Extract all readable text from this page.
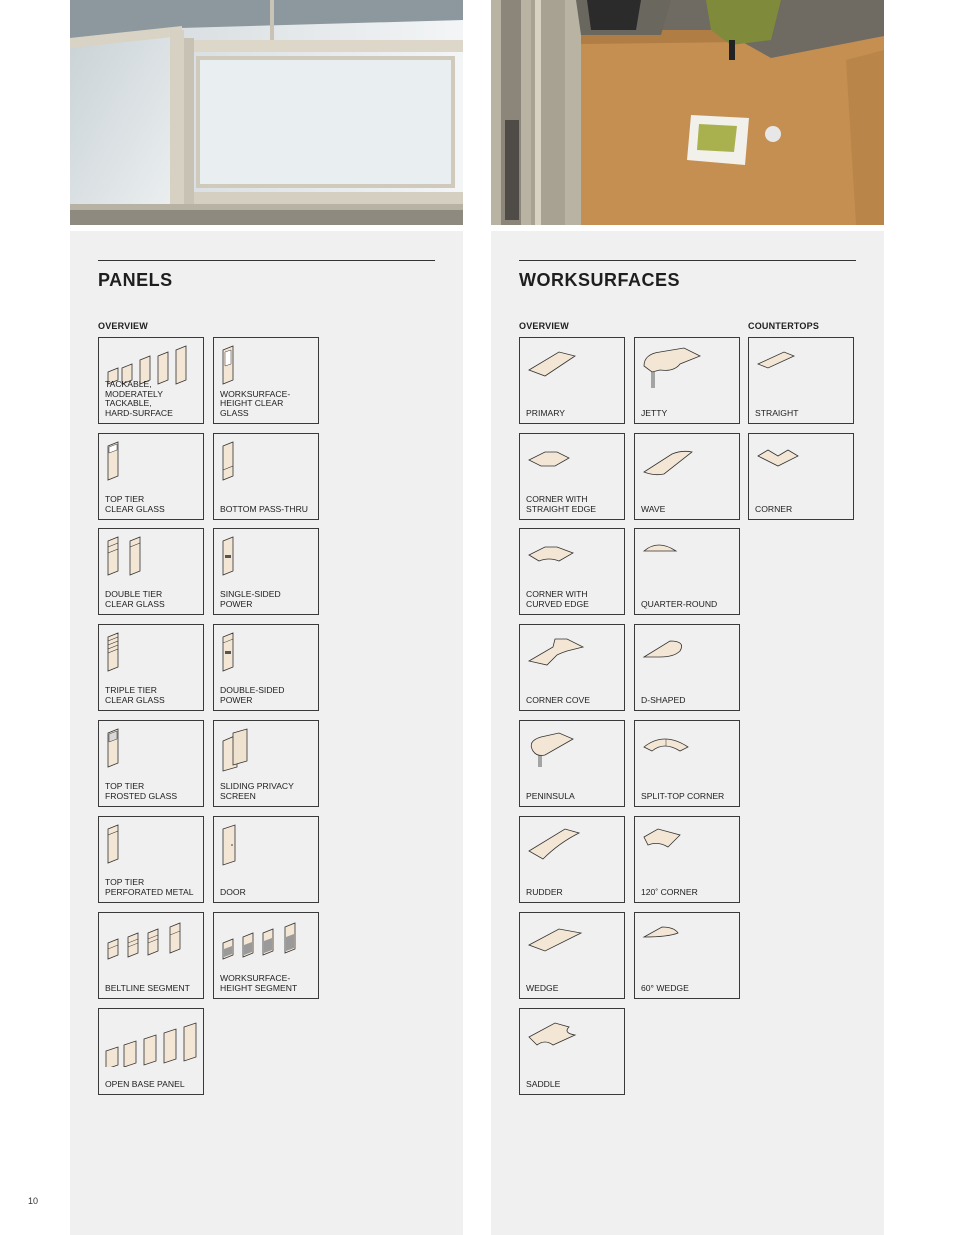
PANELS
OVERVIEW
TACKABLE,
MODERATELY
TACKABLE,
HARD-SURFACE
WORKSURFACE-
HEIGHT CLEAR
GLASS
TOP TIER
CLEAR GLASS	BOTTOM PASS-THRU
DOUBLE TIER
CLEAR GLASS
SINGLE-SIDED
POWER
TRIPLE TIER
CLEAR GLASS
DOUBLE-SIDED
POWER
TOP TIER
FROSTED GLASS
SLIDING PRIVACY
SCREEN
TOP TIER
PERFORATED METAL	DOOR
BELTLINE SEGMENT
WORKSURFACE-
HEIGHT SEGMENT
OPEN BASE PANEL
10
WORKSURFACES
OVERVIEW	COUNTERTOPS
PRIMARY	JETTY
CORNER WITH
STRAIGHT EDGE	WAVE
CORNER WITH
CURVED EDGE	QUARTER-ROUND
CORNER COVE	D-SHAPED
PENINSULA	SPLIT-TOP CORNER
RUDDER	120˚ CORNER
WEDGE	60° WEDGE
SADDLE
STRAIGHT
CORNER
